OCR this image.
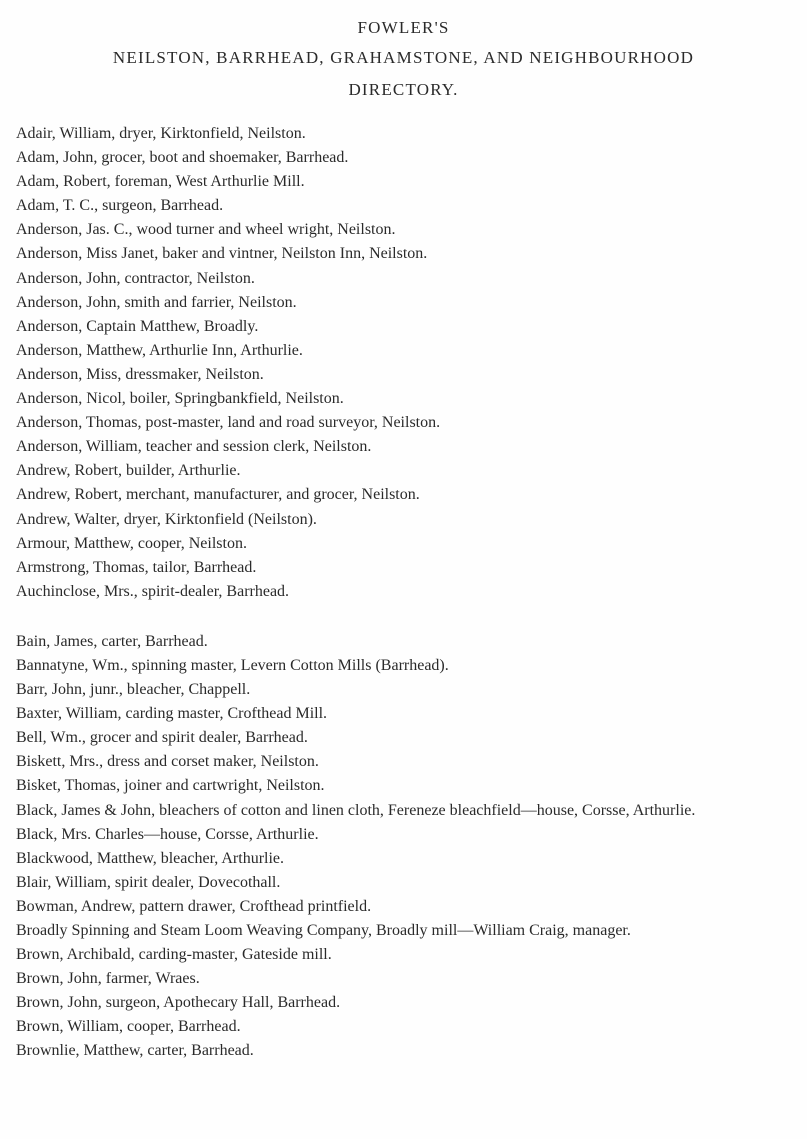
FOWLER'S
NEILSTON, BARRHEAD, GRAHAMSTONE, AND NEIGHBOURHOOD
DIRECTORY.
Adair, William, dryer, Kirktonfield, Neilston.
Adam, John, grocer, boot and shoemaker, Barrhead.
Adam, Robert, foreman, West Arthurlie Mill.
Adam, T. C., surgeon, Barrhead.
Anderson, Jas. C., wood turner and wheel wright, Neilston.
Anderson, Miss Janet, baker and vintner, Neilston Inn, Neilston.
Anderson, John, contractor, Neilston.
Anderson, John, smith and farrier, Neilston.
Anderson, Captain Matthew, Broadly.
Anderson, Matthew, Arthurlie Inn, Arthurlie.
Anderson, Miss, dressmaker, Neilston.
Anderson, Nicol, boiler, Springbankfield, Neilston.
Anderson, Thomas, post-master, land and road surveyor, Neilston.
Anderson, William, teacher and session clerk, Neilston.
Andrew, Robert, builder, Arthurlie.
Andrew, Robert, merchant, manufacturer, and grocer, Neilston.
Andrew, Walter, dryer, Kirktonfield (Neilston).
Armour, Matthew, cooper, Neilston.
Armstrong, Thomas, tailor, Barrhead.
Auchinclose, Mrs., spirit-dealer, Barrhead.
Bain, James, carter, Barrhead.
Bannatyne, Wm., spinning master, Levern Cotton Mills (Barrhead).
Barr, John, junr., bleacher, Chappell.
Baxter, William, carding master, Crofthead Mill.
Bell, Wm., grocer and spirit dealer, Barrhead.
Biskett, Mrs., dress and corset maker, Neilston.
Bisket, Thomas, joiner and cartwright, Neilston.
Black, James & John, bleachers of cotton and linen cloth, Fereneze bleachfield—house, Corsse, Arthurlie.
Black, Mrs. Charles—house, Corsse, Arthurlie.
Blackwood, Matthew, bleacher, Arthurlie.
Blair, William, spirit dealer, Dovecothall.
Bowman, Andrew, pattern drawer, Crofthead printfield.
Broadly Spinning and Steam Loom Weaving Company, Broadly mill—William Craig, manager.
Brown, Archibald, carding-master, Gateside mill.
Brown, John, farmer, Wraes.
Brown, John, surgeon, Apothecary Hall, Barrhead.
Brown, William, cooper, Barrhead.
Brownlie, Matthew, carter, Barrhead.
